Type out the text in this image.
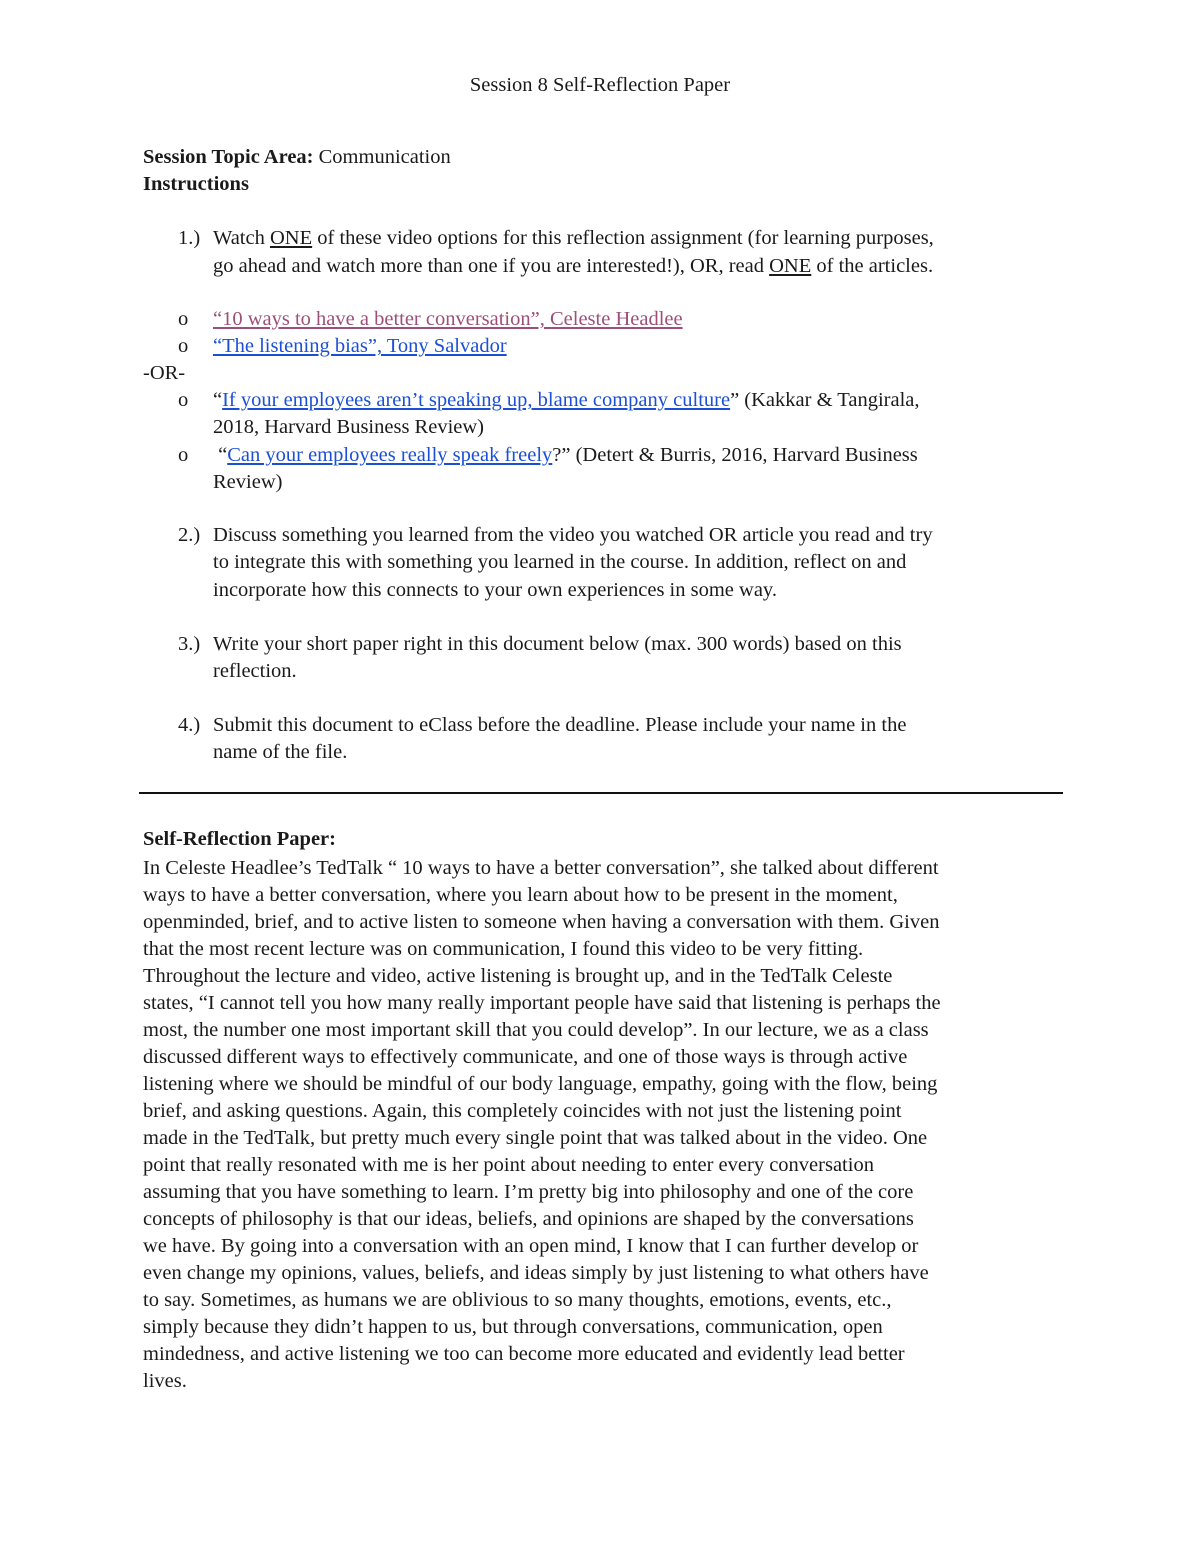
Session 8 Self-Reflection Paper
Session Topic Area: Communication
Instructions
1.) Watch ONE of these video options for this reflection assignment (for learning purposes,
go ahead and watch more than one if you are interested!), OR, read ONE of the articles.
o “10 ways to have a better conversation”, Celeste Headlee
o “The listening bias”, Tony Salvador
-OR-
o “If your employees aren’t speaking up, blame company culture” (Kakkar & Tangirala,
2018, Harvard Business Review)
o “Can your employees really speak freely?” (Detert & Burris, 2016, Harvard Business
Review)
2.) Discuss something you learned from the video you watched OR article you read and try
to integrate this with something you learned in the course. In addition, reflect on and
incorporate how this connects to your own experiences in some way.
3.) Write your short paper right in this document below (max. 300 words) based on this
reflection.
4.) Submit this document to eClass before the deadline. Please include your name in the
name of the file.
Self-Reflection Paper:
In Celeste Headlee’s TedTalk “ 10 ways to have a better conversation”, she talked about different
ways to have a better conversation, where you learn about how to be present in the moment,
openminded, brief, and to active listen to someone when having a conversation with them. Given
that the most recent lecture was on communication, I found this video to be very fitting.
Throughout the lecture and video, active listening is brought up, and in the TedTalk Celeste
states, “I cannot tell you how many really important people have said that listening is perhaps the
most, the number one most important skill that you could develop”. In our lecture, we as a class
discussed different ways to effectively communicate, and one of those ways is through active
listening where we should be mindful of our body language, empathy, going with the flow, being
brief, and asking questions. Again, this completely coincides with not just the listening point
made in the TedTalk, but pretty much every single point that was talked about in the video. One
point that really resonated with me is her point about needing to enter every conversation
assuming that you have something to learn. I’m pretty big into philosophy and one of the core
concepts of philosophy is that our ideas, beliefs, and opinions are shaped by the conversations
we have. By going into a conversation with an open mind, I know that I can further develop or
even change my opinions, values, beliefs, and ideas simply by just listening to what others have
to say. Sometimes, as humans we are oblivious to so many thoughts, emotions, events, etc.,
simply because they didn’t happen to us, but through conversations, communication, open
mindedness, and active listening we too can become more educated and evidently lead better
lives.
